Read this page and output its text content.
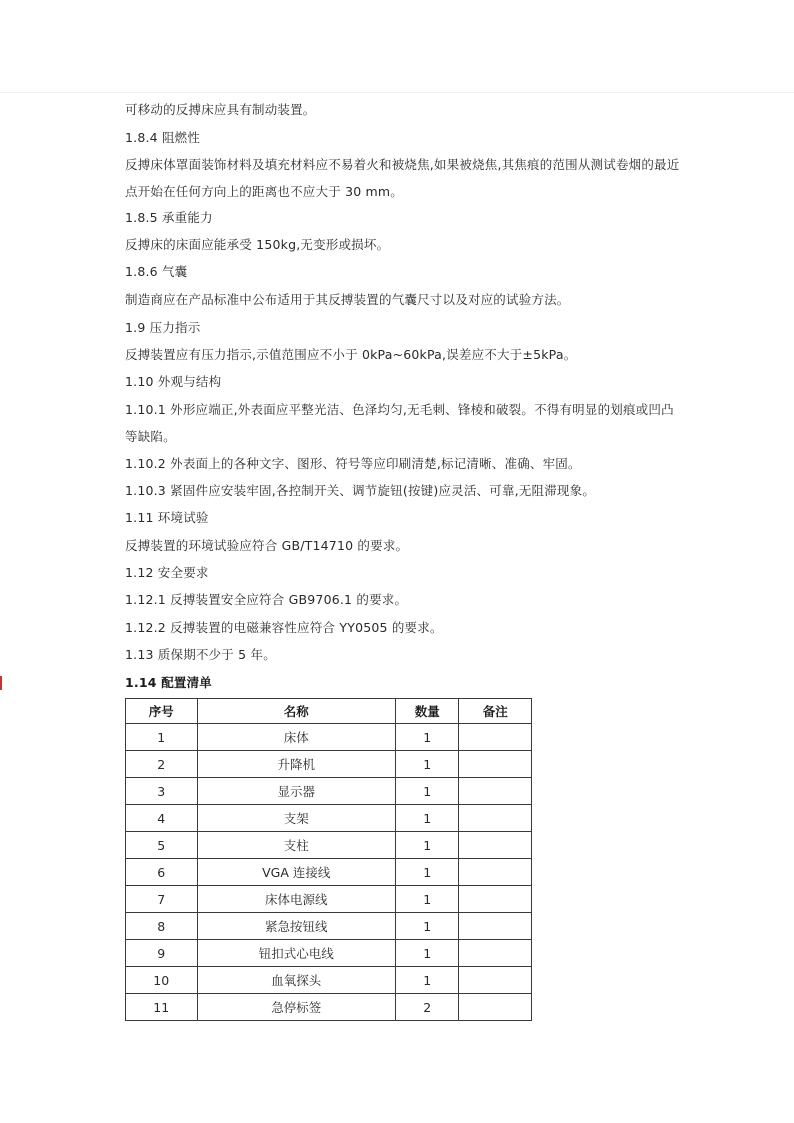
可移动的反搏床应具有制动装置。
1.8.4 阻燃性
反搏床体罩面装饰材料及填充材料应不易着火和被烧焦,如果被烧焦,其焦痕的范围从测试卷烟的最近点开始在任何方向上的距离也不应大于 30 mm。
1.8.5 承重能力
反搏床的床面应能承受 150kg,无变形或损坏。
1.8.6 气囊
制造商应在产品标准中公布适用于其反搏装置的气囊尺寸以及对应的试验方法。
1.9 压力指示
反搏装置应有压力指示,示值范围应不小于 0kPa~60kPa,误差应不大于±5kPa。
1.10 外观与结构
1.10.1 外形应端正,外表面应平整光洁、色泽均匀,无毛刺、锋棱和破裂。不得有明显的划痕或凹凸等缺陷。
1.10.2 外表面上的各种文字、图形、符号等应印刷清楚,标记清晰、准确、牢固。
1.10.3 紧固件应安装牢固,各控制开关、调节旋钮(按键)应灵活、可靠,无阻滞现象。
1.11 环境试验
反搏装置的环境试验应符合 GB/T14710 的要求。
1.12 安全要求
1.12.1 反搏装置安全应符合 GB9706.1 的要求。
1.12.2 反搏装置的电磁兼容性应符合 YY0505 的要求。
1.13 质保期不少于 5 年。
1.14 配置清单
序号	名称	数量	备注
1	床体	1	
2	升降机	1	
3	显示器	1	
4	支架	1	
5	支柱	1	
6	VGA 连接线	1	
7	床体电源线	1	
8	紧急按钮线	1	
9	钮扣式心电线	1	
10	血氧探头	1	
11	急停标签	2	
